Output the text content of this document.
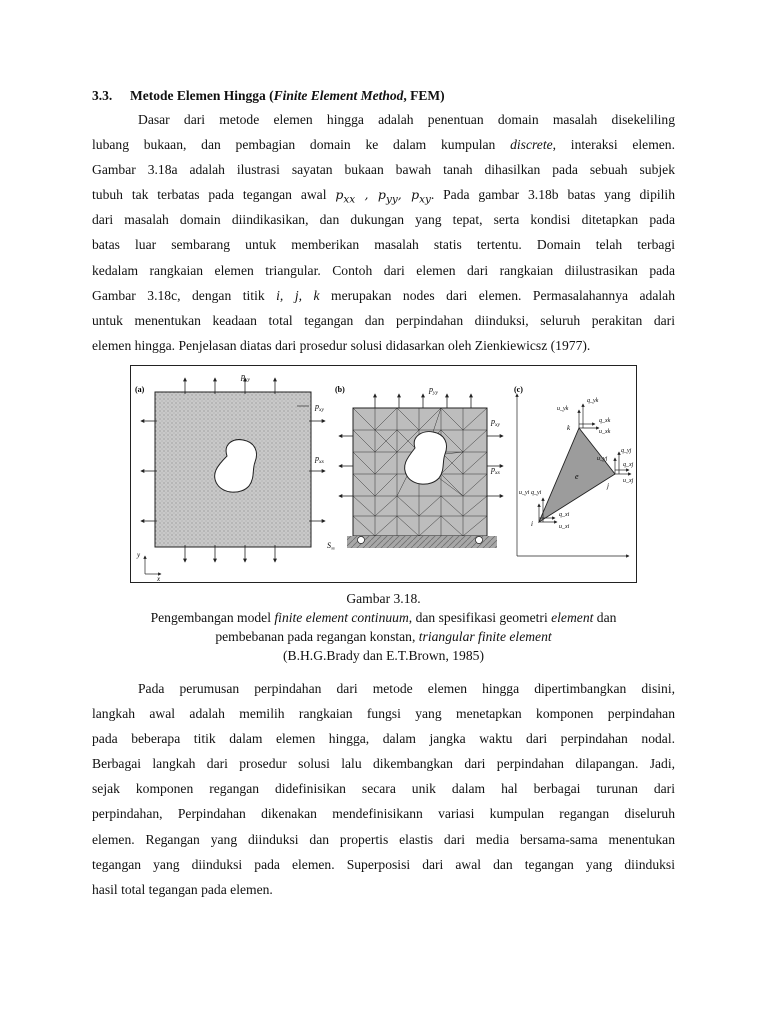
3.3. Metode Elemen Hingga (Finite Element Method, FEM)
Dasar dari metode elemen hingga adalah penentuan domain masalah disekeliling
lubang bukaan, dan pembagian domain ke dalam kumpulan discrete, interaksi elemen.
Gambar 3.18a adalah ilustrasi sayatan bukaan bawah tanah dihasilkan pada sebuah subjek
tubuh tak terbatas pada tegangan awal $p_{xx}$ , $p_{yy}$, $p_{xy}$. Pada gambar 3.18b batas yang dipilih
dari masalah domain diindikasikan, dan dukungan yang tepat, serta kondisi ditetapkan pada
batas luar sembarang untuk memberikan masalah statis tertentu. Domain telah terbagi
kedalam rangkaian elemen triangular. Contoh dari elemen dari rangkaian diilustrasikan pada
Gambar 3.18c, dengan titik i, j, k merupakan nodes dari elemen. Permasalahannya adalah
untuk menentukan keadaan total tegangan dan perpindahan diinduksi, seluruh perakitan dari
elemen hingga. Penjelasan diatas dari prosedur solusi didasarkan oleh Zienkiewicsz (1977).
(a)
$p_{yy}$
$p_{xy}$
$p_{xx}$
y
x
(b)	$p_{yy}$
$p_{xy}$
$p_{xx}$
$S_\infty$
(c)
e
k
j
i
u_yk
q_yk
q_xk
u_xk
u_yj
q_yj
q_xj
u_xj
u_yi q_yi
q_xi
u_xi
Gambar 3.18.
Pengembangan model finite element continuum, dan spesifikasi geometri element dan
pembebanan pada regangan konstan, triangular finite element
(B.H.G.Brady dan E.T.Brown, 1985)
Pada perumusan perpindahan dari metode elemen hingga dipertimbangkan disini,
langkah awal adalah memilih rangkaian fungsi yang menetapkan komponen perpindahan
pada beberapa titik dalam elemen hingga, dalam jangka waktu dari perpindahan nodal.
Berbagai langkah dari prosedur solusi lalu dikembangkan dari perpindahan dilapangan. Jadi,
sejak komponen regangan didefinisikan secara unik dalam hal berbagai turunan dari
perpindahan, Perpindahan dikenakan mendefinisikann variasi kumpulan regangan diseluruh
elemen. Regangan yang diinduksi dan propertis elastis dari media bersama-sama menentukan
tegangan yang diinduksi pada elemen. Superposisi dari awal dan tegangan yang diinduksi
hasil total tegangan pada elemen.
